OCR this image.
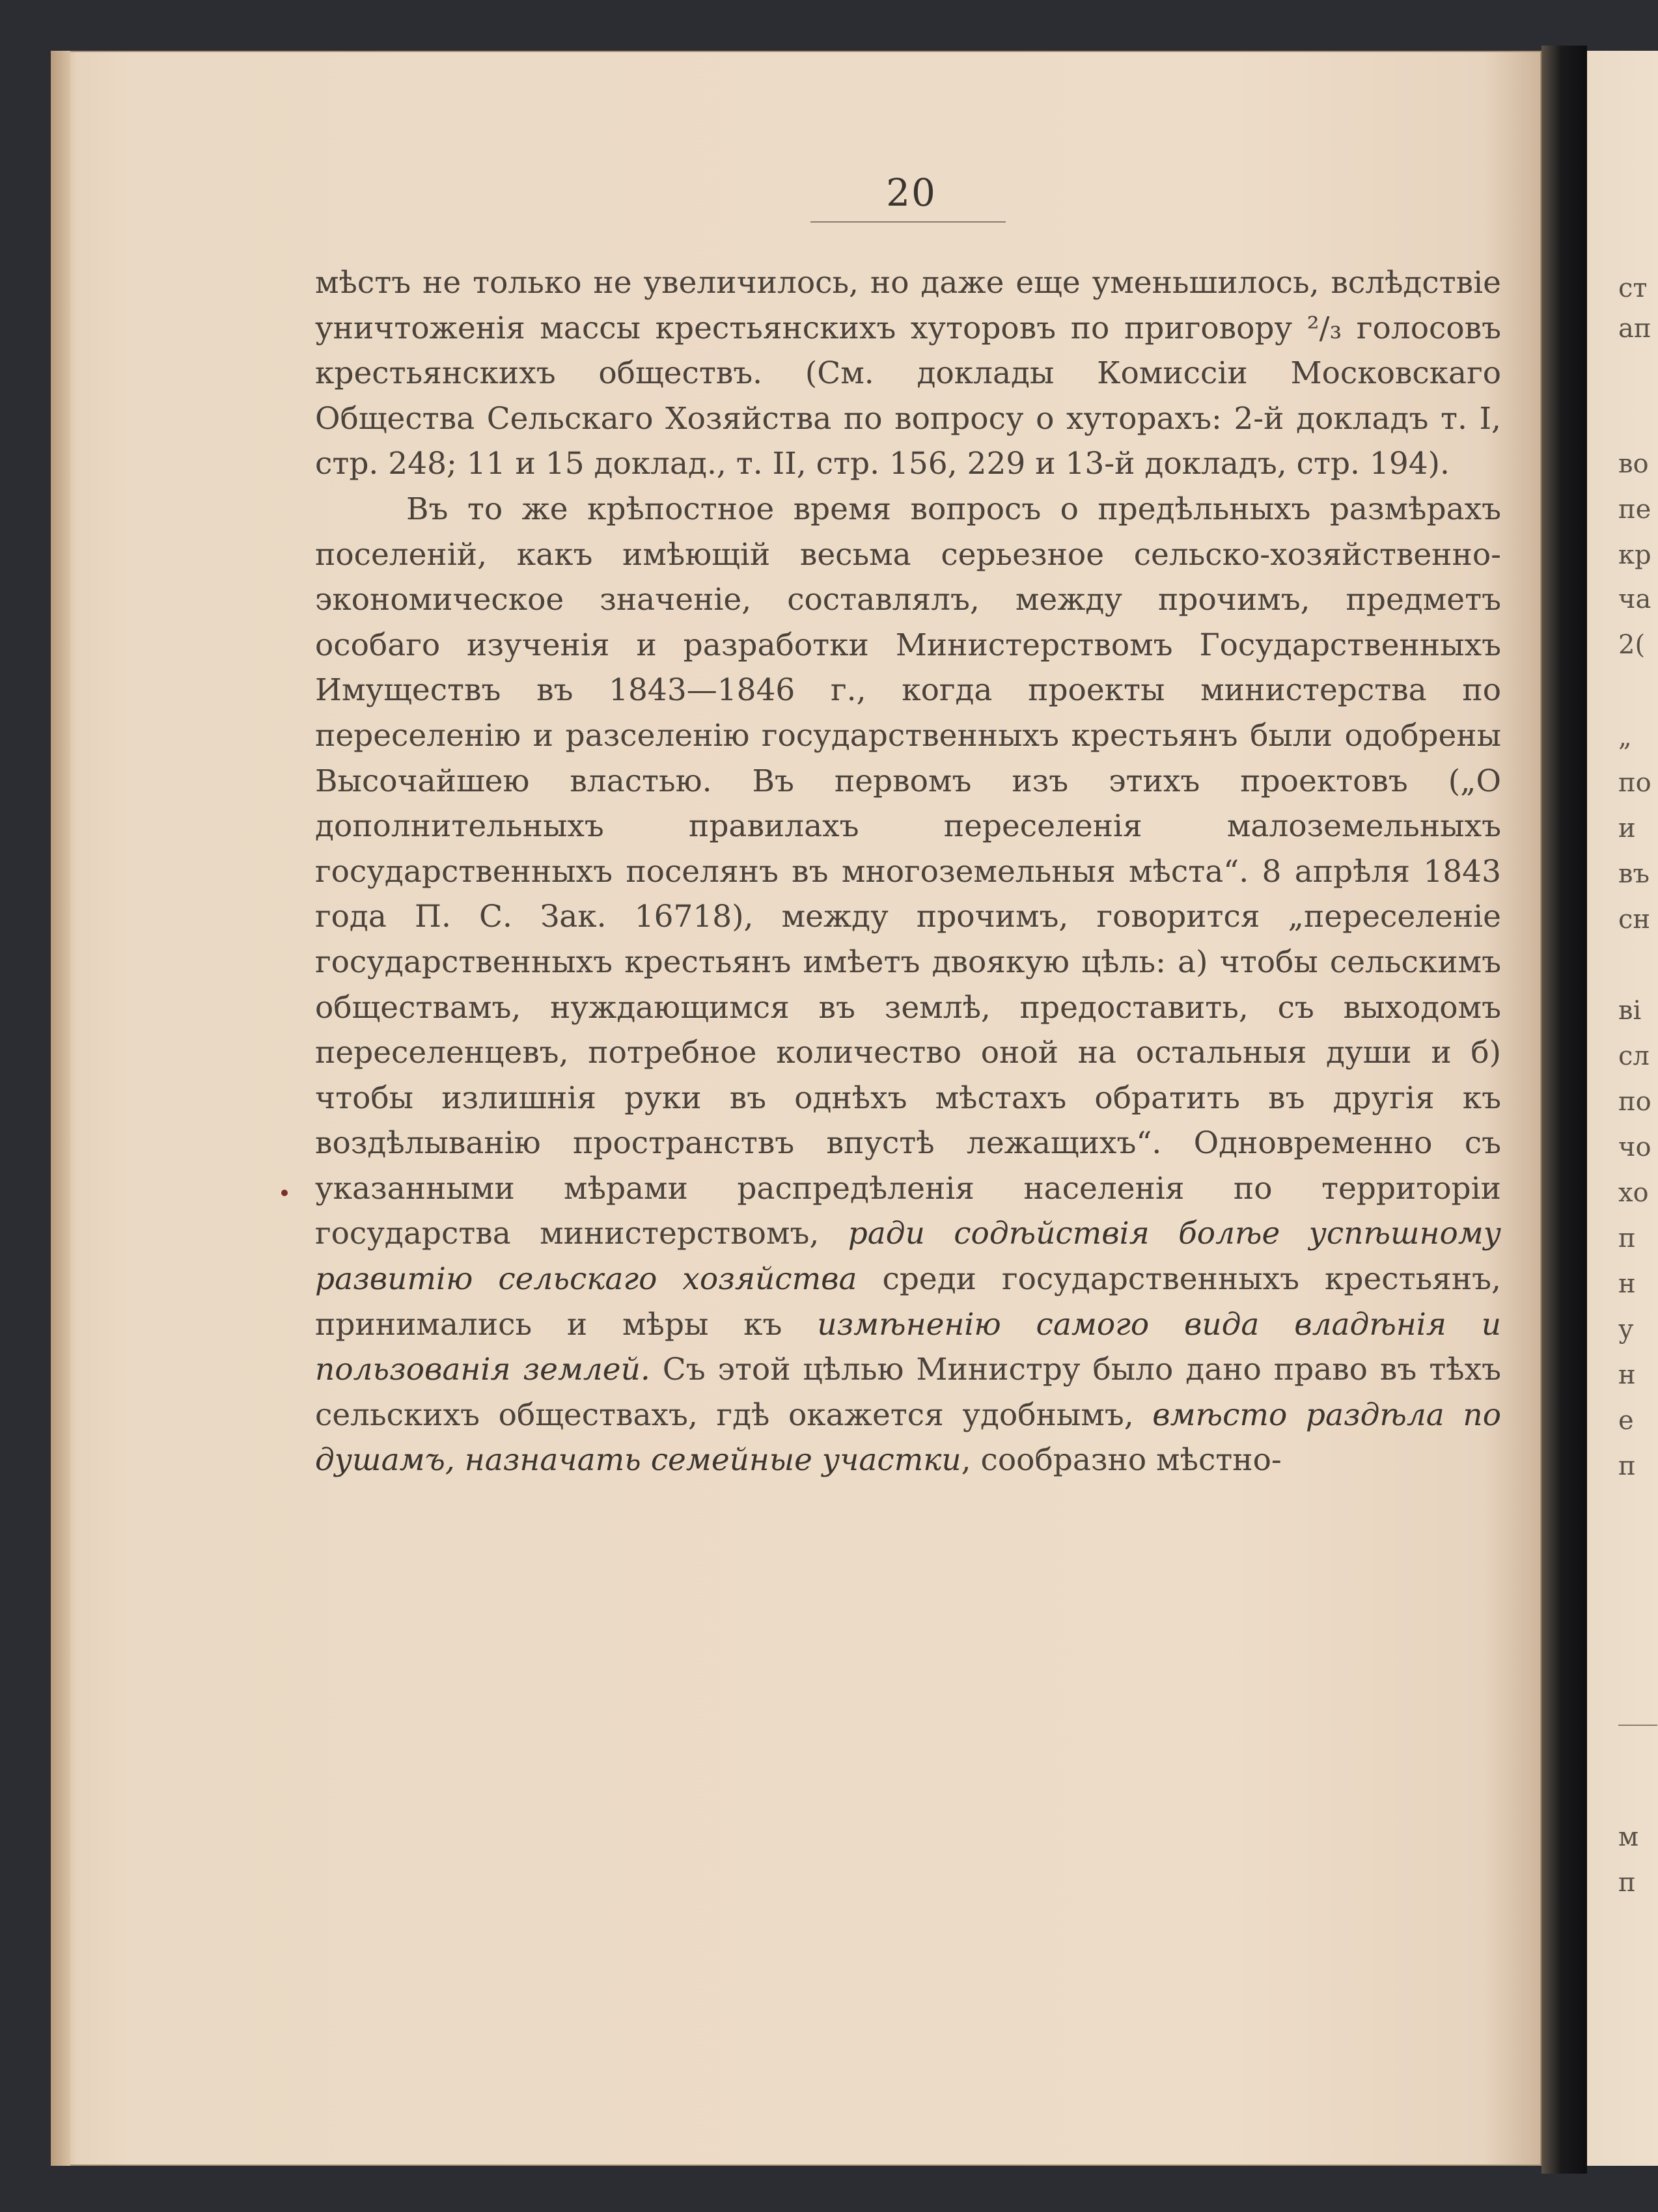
20

мѣстъ не только не увеличилось, но даже еще уменьшилось, вслѣдствіе уничтоженія массы крестьянскихъ хуторовъ по приговору ²/₃ голосовъ крестьянскихъ обществъ. (См. доклады Комиссіи Московскаго Общества Сельскаго Хозяйства по вопросу о хуторахъ: 2-й докладъ т. I, стр. 248; 11 и 15 доклад., т. II, стр. 156, 229 и 13-й докладъ, стр. 194).

Въ то же крѣпостное время вопросъ о предѣльныхъ размѣрахъ поселеній, какъ имѣющій весьма серьезное сельско-хозяйственно-экономическое значеніе, составлялъ, между прочимъ, предметъ особаго изученія и разработки Министерствомъ Государственныхъ Имуществъ въ 1843—1846 г., когда проекты министерства по переселенію и разселенію государственныхъ крестьянъ были одобрены Высочайшею властью. Въ первомъ изъ этихъ проектовъ („О дополнительныхъ правилахъ переселенія малоземельныхъ государственныхъ поселянъ въ многоземельныя мѣста“. 8 апрѣля 1843 года П. С. Зак. 16718), между прочимъ, говорится „переселеніе государственныхъ крестьянъ имѣетъ двоякую цѣль: а) чтобы сельскимъ обществамъ, нуждающимся въ землѣ, предоставить, съ выходомъ переселенцевъ, потребное количество оной на остальныя души и б) чтобы излишнія руки въ однѣхъ мѣстахъ обратить въ другія къ воздѣлыванію пространствъ впустѣ лежащихъ“. Одновременно съ указанными мѣрами распредѣленія населенія по территоріи государства министерствомъ, ради содѣйствія болѣе успѣшному развитію сельскаго хозяйства среди государственныхъ крестьянъ, принимались и мѣры къ измѣненію самого вида владѣнія и пользованія землей. Съ этой цѣлью Министру было дано право въ тѣхъ сельскихъ обществахъ, гдѣ окажется удобнымъ, вмѣсто раздѣла по душамъ, назначать семейные участки, сообразно мѣстно-

ст
ап
во
пе
кр
ча
2(
„
по
и
въ
сн
ві
сл
по
чо
хо
п
н
у
н
е
п
м
п
